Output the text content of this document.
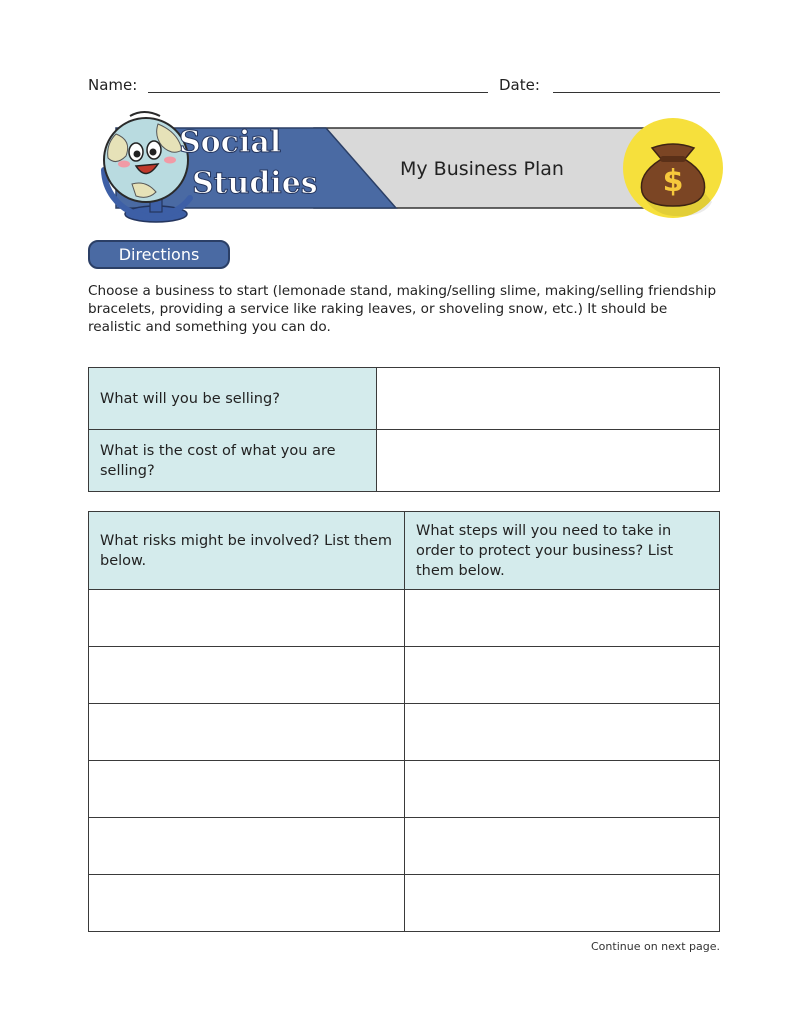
Name:	Date:
Social
Studies	My Business Plan	$
Directions
Choose a business to start (lemonade stand, making/selling slime, making/selling friendship bracelets, providing a service like raking leaves, or shoveling snow, etc.) It should be realistic and something you can do.
What will you be selling?	
What is the cost of what you are selling?	
What risks might be involved? List them below.	What steps will you need to take in order to protect your business? List them below.

Continue on next page.
